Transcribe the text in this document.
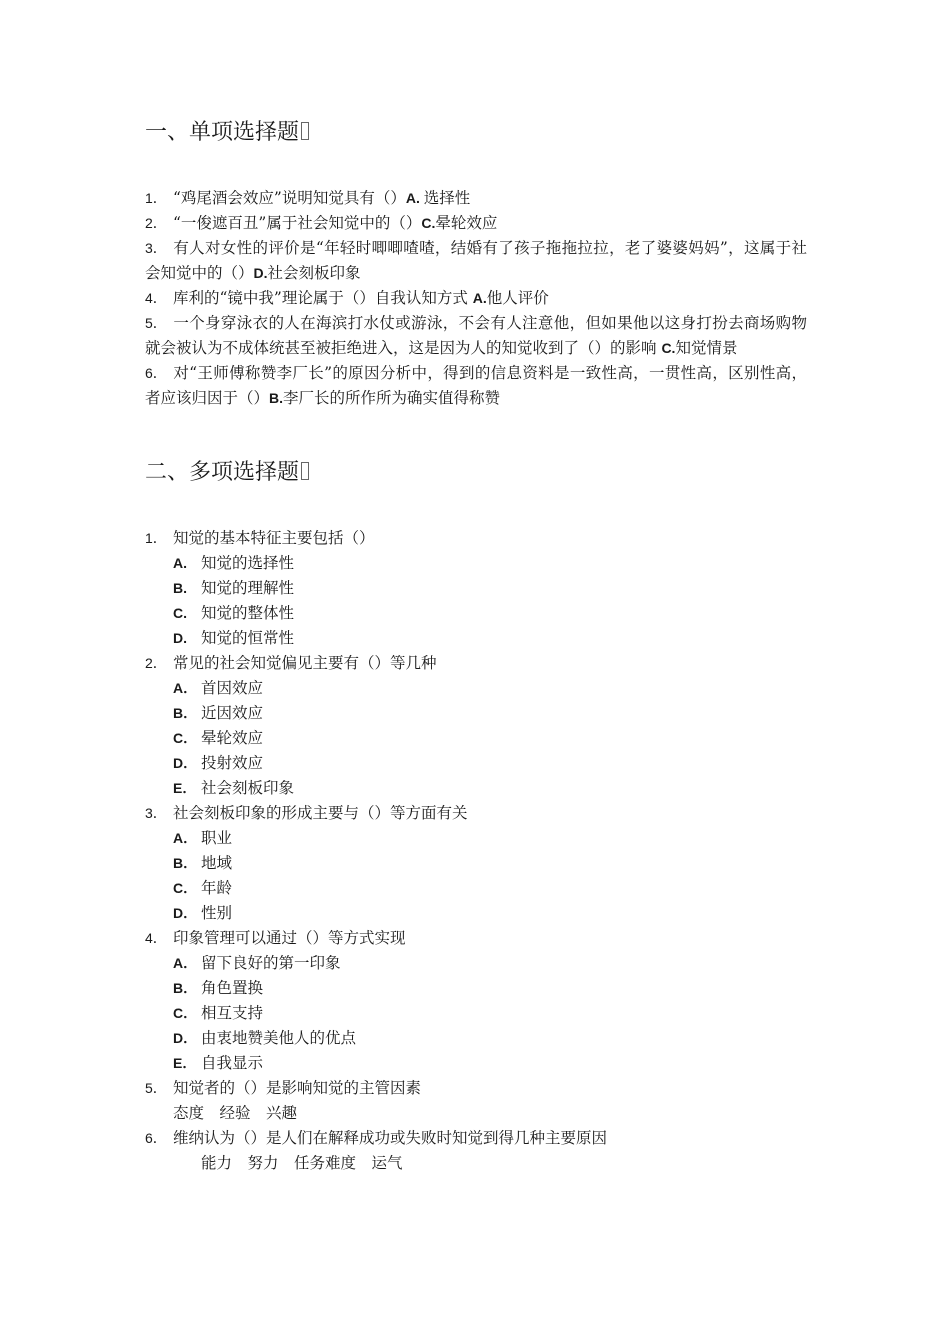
一、单项选择题
1． “鸡尾酒会效应”说明知觉具有（）A. 选择性
2． “一俊遮百丑”属于社会知觉中的（）C.晕轮效应
3． 有人对女性的评价是“年轻时唧唧喳喳，结婚有了孩子拖拖拉拉，老了婆婆妈妈”，这属于社会知觉中的（）D.社会刻板印象
4． 库利的“镜中我”理论属于（）自我认知方式 A.他人评价
5． 一个身穿泳衣的人在海滨打水仗或游泳，不会有人注意他，但如果他以这身打扮去商场购物就会被认为不成体统甚至被拒绝进入，这是因为人的知觉收到了（）的影响 C.知觉情景
6． 对“王师傅称赞李厂长”的原因分析中，得到的信息资料是一致性高，一贯性高，区别性高，者应该归因于（）B.李厂长的所作所为确实值得称赞
二、多项选择题
1． 知觉的基本特征主要包括（）
A. 知觉的选择性
B. 知觉的理解性
C. 知觉的整体性
D. 知觉的恒常性
2． 常见的社会知觉偏见主要有（）等几种
A． 首因效应
B． 近因效应
C． 晕轮效应
D． 投射效应
E． 社会刻板印象
3． 社会刻板印象的形成主要与（）等方面有关
A． 职业
B． 地域
C． 年龄
D． 性别
4． 印象管理可以通过（）等方式实现
A． 留下良好的第一印象
B． 角色置换
C． 相互支持
D． 由衷地赞美他人的优点
E． 自我显示
5． 知觉者的（）是影响知觉的主管因素
态度　经验　兴趣
6． 维纳认为（）是人们在解释成功或失败时知觉到得几种主要原因
能力　努力　任务难度　运气
